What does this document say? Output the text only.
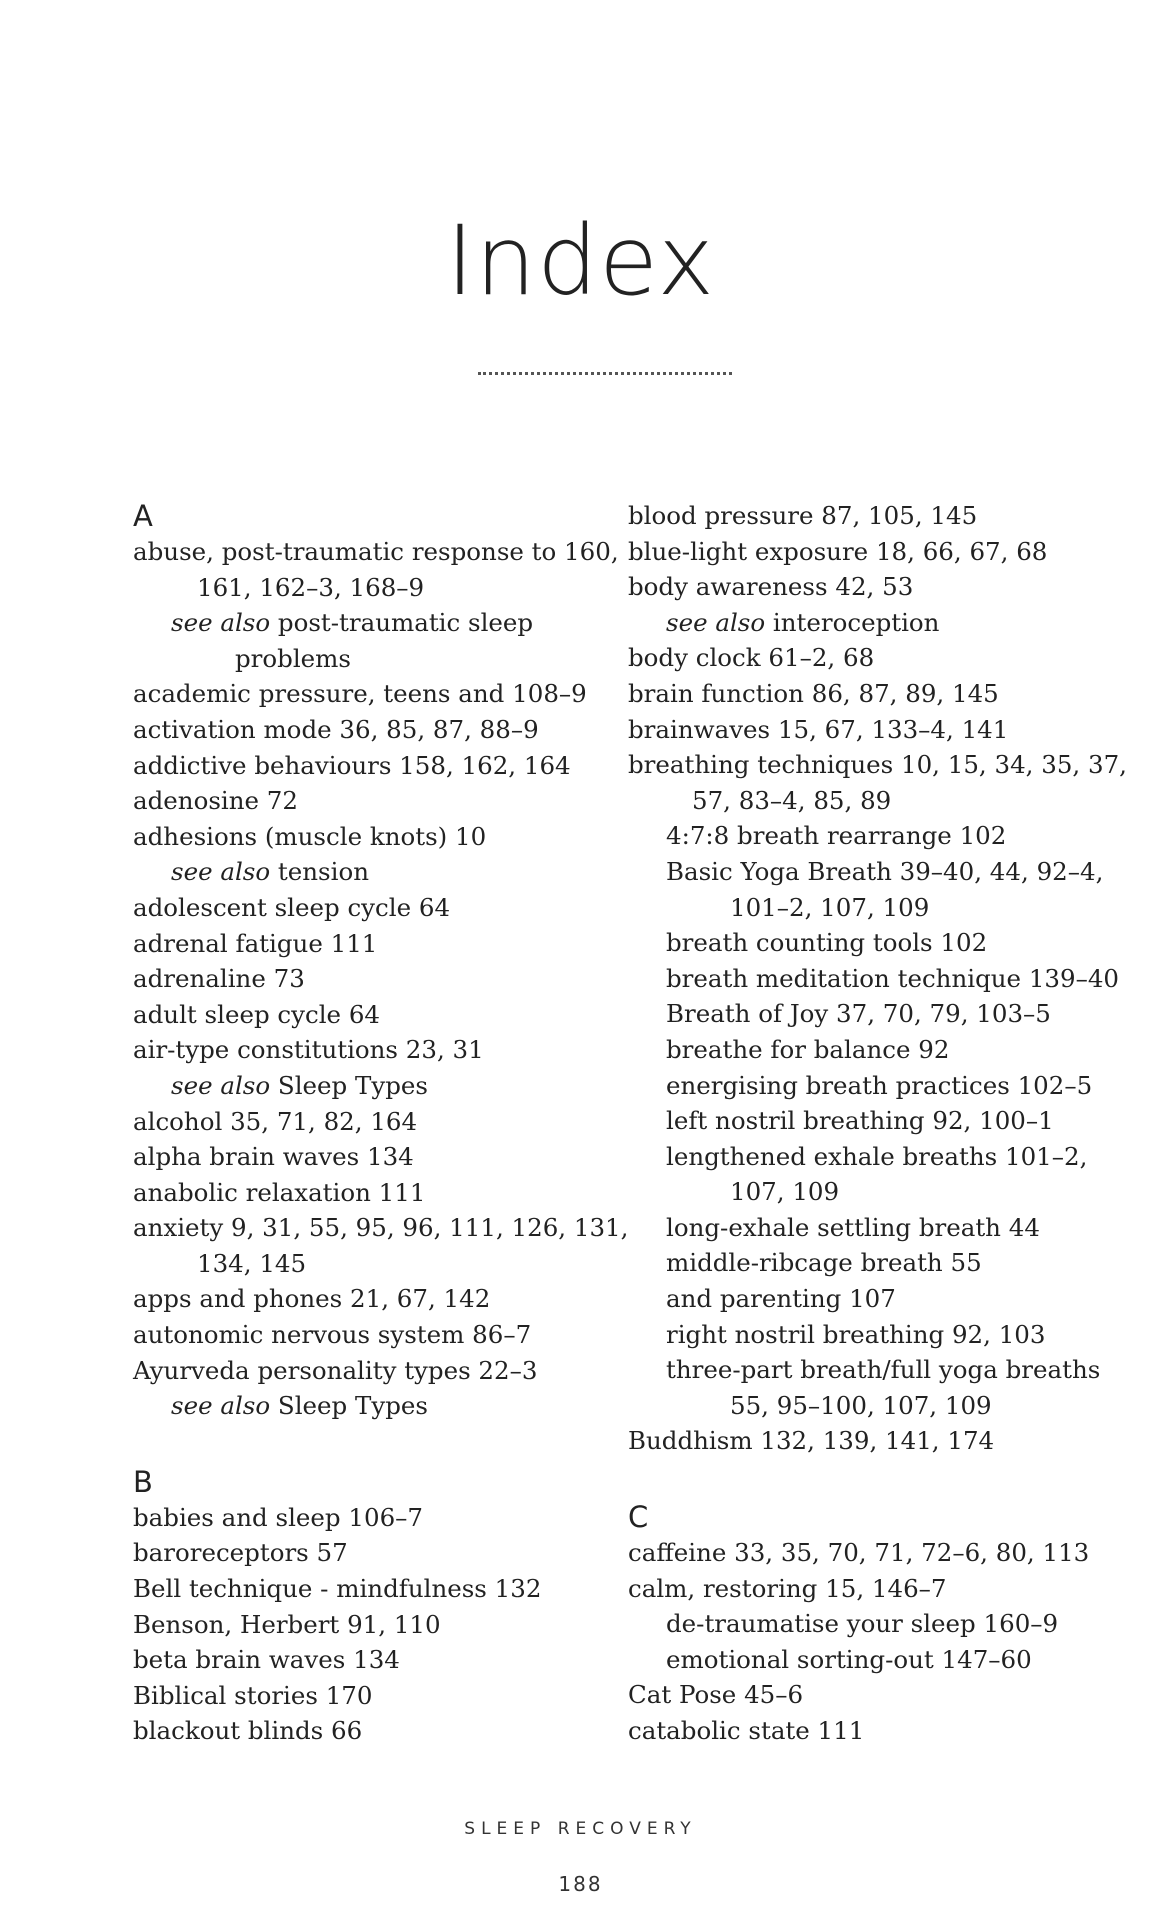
Index
A
abuse, post-traumatic response to 160,
161, 162–3, 168–9
see also post-traumatic sleep
problems
academic pressure, teens and 108–9
activation mode 36, 85, 87, 88–9
addictive behaviours 158, 162, 164
adenosine 72
adhesions (muscle knots) 10
see also tension
adolescent sleep cycle 64
adrenal fatigue 111
adrenaline 73
adult sleep cycle 64
air-type constitutions 23, 31
see also Sleep Types
alcohol 35, 71, 82, 164
alpha brain waves 134
anabolic relaxation 111
anxiety 9, 31, 55, 95, 96, 111, 126, 131,
134, 145
apps and phones 21, 67, 142
autonomic nervous system 86–7
Ayurveda personality types 22–3
see also Sleep Types
B
babies and sleep 106–7
baroreceptors 57
Bell technique - mindfulness 132
Benson, Herbert 91, 110
beta brain waves 134
Biblical stories 170
blackout blinds 66
blood pressure 87, 105, 145
blue-light exposure 18, 66, 67, 68
body awareness 42, 53
see also interoception
body clock 61–2, 68
brain function 86, 87, 89, 145
brainwaves 15, 67, 133–4, 141
breathing techniques 10, 15, 34, 35, 37,
57, 83–4, 85, 89
4:7:8 breath rearrange 102
Basic Yoga Breath 39–40, 44, 92–4,
101–2, 107, 109
breath counting tools 102
breath meditation technique 139–40
Breath of Joy 37, 70, 79, 103–5
breathe for balance 92
energising breath practices 102–5
left nostril breathing 92, 100–1
lengthened exhale breaths 101–2,
107, 109
long-exhale settling breath 44
middle-ribcage breath 55
and parenting 107
right nostril breathing 92, 103
three-part breath/full yoga breaths
55, 95–100, 107, 109
Buddhism 132, 139, 141, 174
C
caffeine 33, 35, 70, 71, 72–6, 80, 113
calm, restoring 15, 146–7
de-traumatise your sleep 160–9
emotional sorting-out 147–60
Cat Pose 45–6
catabolic state 111
SLEEP RECOVERY
188
